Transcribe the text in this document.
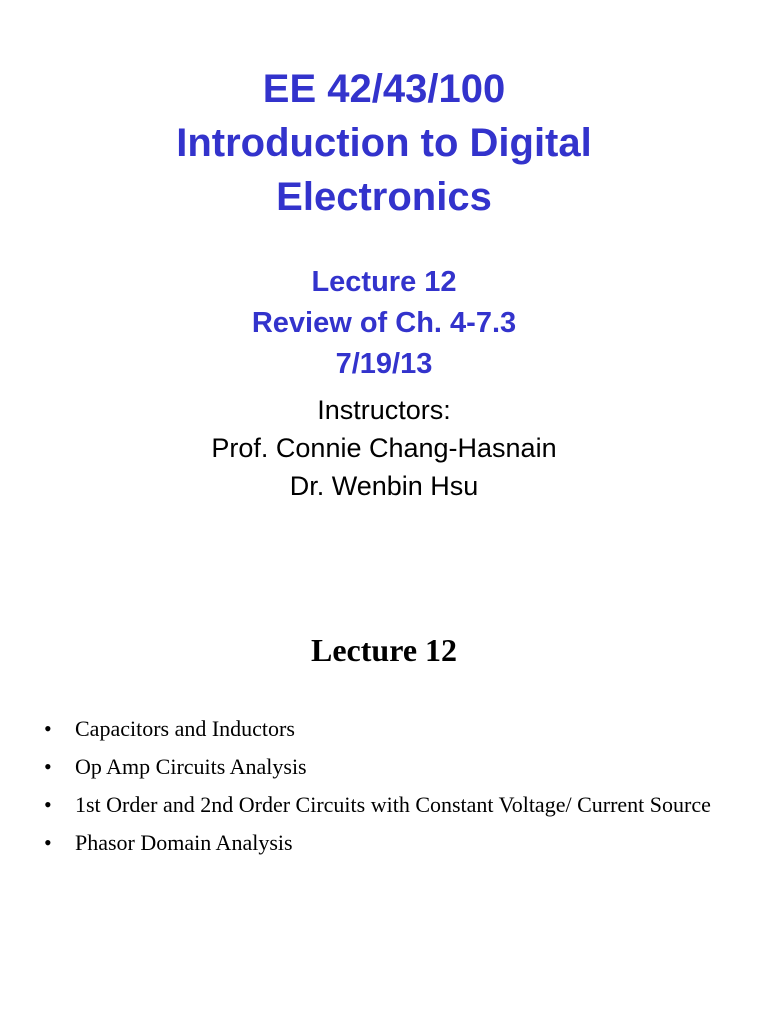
EE 42/43/100

Introduction to Digital

Electronics

Lecture 12

Review of Ch. 4-7.3

7/19/13

Instructors:

Prof. Connie Chang-Hasnain

Dr. Wenbin Hsu

Lecture 12
• Capacitors and Inductors
• Op Amp Circuits Analysis
• 1st Order and 2nd Order Circuits with Constant Voltage/ Current Source
• Phasor Domain Analysis
